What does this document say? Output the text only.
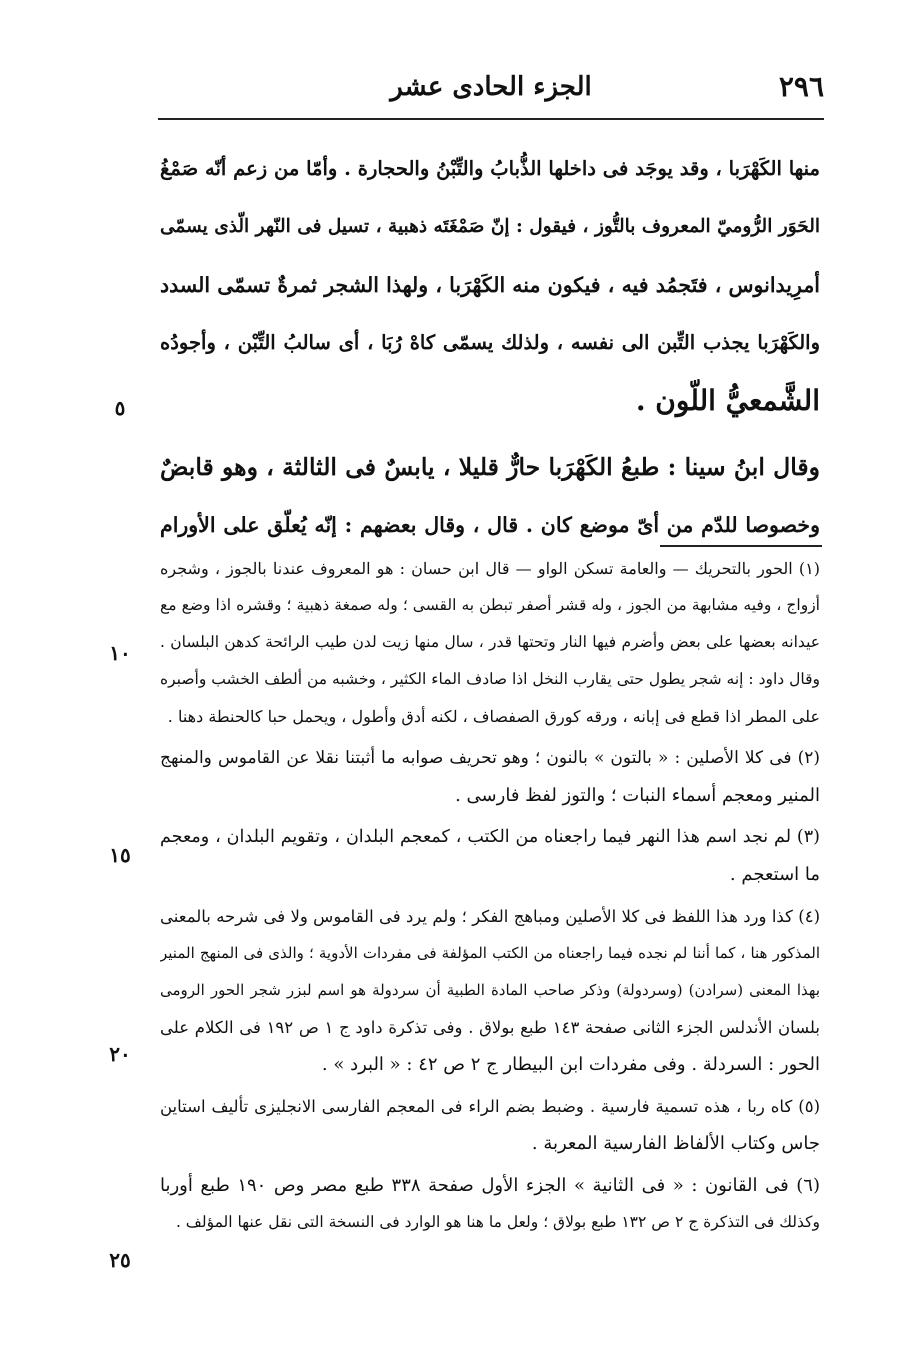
٢٩٦
الجزء الحادى عشر
منها الكَهْرَبا ، وقد يوجَد فى داخلها الذُّبابُ والتِّبْنُ والحجارة . وأمّا من زعم أنّه صَمْغُ
الحَوَر الرُّوميّ المعروف بالتُّوز ، فيقول : إنّ صَمْغَتَه ذهبية ، تسيل فى النّهر الّذى يسمّى
أمرِيدانوس ، فتَجمُد فيه ، فيكون منه الكَهْرَبا ، ولهذا الشجر ثمرةٌ تسمّى السدد
والكَهْرَبا يجذب التِّبن الى نفسه ، ولذلك يسمّى كاهْ رُبَا ، أى سالبُ التِّبْن ، وأجودُه
الشَّمعيُّ اللّون .
وقال ابنُ سينا : طبعُ الكَهْرَبا حارٌّ قليلا ، يابسٌ فى الثالثة ، وهو قابضٌ
وخصوصا للدّم من أىّ موضع كان . قال ، وقال بعضهم : إنّه يُعلّق على الأورام
(١) الحور بالتحريك — والعامة تسكن الواو — قال ابن حسان : هو المعروف عندنا بالجوز ، وشجره
أزواج ، وفيه مشابهة من الجوز ، وله قشر أصفر تبطن به القسى ؛ وله صمغة ذهبية ؛ وقشره اذا وضع مع
عيدانه بعضها على بعض وأضرم فيها النار وتحتها قدر ، سال منها زيت لدن طيب الرائحة كدهن البلسان .
وقال داود : إنه شجر يطول حتى يقارب النخل اذا صادف الماء الكثير ، وخشبه من ألطف الخشب وأصبره
على المطر اذا قطع فى إبانه ، ورقه كورق الصفصاف ، لكنه أدق وأطول ، ويحمل حبا كالحنطة دهنا .
(٢) فى كلا الأصلين : « بالتون » بالنون ؛ وهو تحريف صوابه ما أثبتنا نقلا عن القاموس والمنهج
المنير ومعجم أسماء النبات ؛ والتوز لفظ فارسى .
(٣) لم نجد اسم هذا النهر فيما راجعناه من الكتب ، كمعجم البلدان ، وتقويم البلدان ، ومعجم
ما استعجم .
(٤) كذا ورد هذا اللفظ فى كلا الأصلين ومباهج الفكر ؛ ولم يرد فى القاموس ولا فى شرحه بالمعنى
المذكور هنا ، كما أننا لم نجده فيما راجعناه من الكتب المؤلفة فى مفردات الأدوية ؛ والذى فى المنهج المنير
بهذا المعنى (سرادن) (وسردولة) وذكر صاحب المادة الطبية أن سردولة هو اسم لبزر شجر الحور الرومى
بلسان الأندلس الجزء الثانى صفحة ١٤٣ طبع بولاق . وفى تذكرة داود ج ١ ص ١٩٢ فى الكلام على
الحور : السردلة . وفى مفردات ابن البيطار ج ٢ ص ٤٢ : « البرد » .
(٥) كاه ربا ، هذه تسمية فارسية . وضبط بضم الراء فى المعجم الفارسى الانجليزى تأليف استاين
جاس وكتاب الألفاظ الفارسية المعربة .
(٦) فى القانون : « فى الثانية » الجزء الأول صفحة ٣٣٨ طبع مصر وص ١٩٠ طبع أوربا
وكذلك فى التذكرة ج ٢ ص ١٣٢ طبع بولاق ؛ ولعل ما هنا هو الوارد فى النسخة التى نقل عنها المؤلف .
٥
١٠
١٥
٢٠
٢٥
